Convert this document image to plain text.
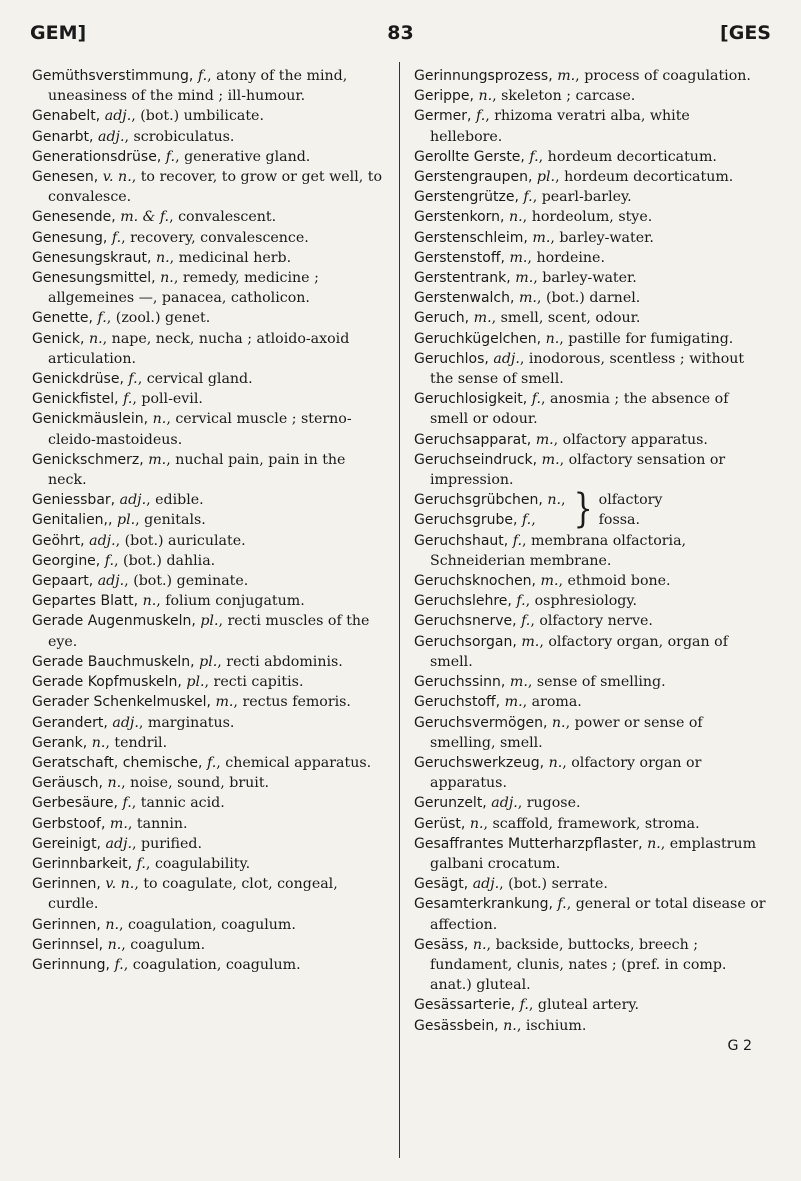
GEM]	83	[GES

Gemüthsverstimmung, f., atony of the mind, uneasiness of the mind ; ill-humour.

Genabelt, adj., (bot.) umbilicate.

Genarbt, adj., scrobiculatus.

Generationsdrüse, f., generative gland.

Genesen, v. n., to recover, to grow or get well, to convalesce.

Genesende, m. & f., convalescent.

Genesung, f., recovery, convalescence.

Genesungskraut, n., medicinal herb.

Genesungsmittel, n., remedy, medicine ; allgemeines —, panacea, catholicon.

Genette, f., (zool.) genet.

Genick, n., nape, neck, nucha ; atloido-axoid articulation.

Genickdrüse, f., cervical gland.

Genickfistel, f., poll-evil.

Genickmäuslein, n., cervical muscle ; sterno-cleido-mastoideus.

Genickschmerz, m., nuchal pain, pain in the neck.

Geniessbar, adj., edible.

Genitalien,, pl., genitals.

Geöhrt, adj., (bot.) auriculate.

Georgine, f., (bot.) dahlia.

Gepaart, adj., (bot.) geminate.

Gepartes Blatt, n., folium conjugatum.

Gerade Augenmuskeln, pl., recti muscles of the eye.

Gerade Bauchmuskeln, pl., recti abdominis.

Gerade Kopfmuskeln, pl., recti capitis.

Gerader Schenkelmuskel, m., rectus femoris.

Gerandert, adj., marginatus.

Gerank, n., tendril.

Geratschaft, chemische, f., chemical apparatus.

Geräusch, n., noise, sound, bruit.

Gerbesäure, f., tannic acid.

Gerbstoof, m., tannin.

Gereinigt, adj., purified.

Gerinnbarkeit, f., coagulability.

Gerinnen, v. n., to coagulate, clot, congeal, curdle.

Gerinnen, n., coagulation, coagulum.

Gerinnsel, n., coagulum.

Gerinnung, f., coagulation, coagulum.

Gerinnungsprozess, m., process of coagulation.

Gerippe, n., skeleton ; carcase.

Germer, f., rhizoma veratri alba, white hellebore.

Gerollte Gerste, f., hordeum decorticatum.

Gerstengraupen, pl., hordeum decorticatum.

Gerstengrütze, f., pearl-barley.

Gerstenkorn, n., hordeolum, stye.

Gerstenschleim, m., barley-water.

Gerstenstoff, m., hordeine.

Gerstentrank, m., barley-water.

Gerstenwalch, m., (bot.) darnel.

Geruch, m., smell, scent, odour.

Geruchkügelchen, n., pastille for fumigating.

Geruchlos, adj., inodorous, scentless ; without the sense of smell.

Geruchlosigkeit, f., anosmia ; the absence of smell or odour.

Geruchsapparat, m., olfactory apparatus.

Geruchseindruck, m., olfactory sensation or impression.

Geruchsgrübchen, n.,

Geruchsgrube, f.,	} olfactory
fossa.

Geruchshaut, f., membrana olfactoria, Schneiderian membrane.

Geruchsknochen, m., ethmoid bone.

Geruchslehre, f., osphresiology.

Geruchsnerve, f., olfactory nerve.

Geruchsorgan, m., olfactory organ, organ of smell.

Geruchssinn, m., sense of smelling.

Geruchstoff, m., aroma.

Geruchsvermögen, n., power or sense of smelling, smell.

Geruchswerkzeug, n., olfactory organ or apparatus.

Gerunzelt, adj., rugose.

Gerüst, n., scaffold, framework, stroma.

Gesaffrantes Mutterharzpflaster, n., emplastrum galbani crocatum.

Gesägt, adj., (bot.) serrate.

Gesamterkrankung, f., general or total disease or affection.

Gesäss, n., backside, buttocks, breech ; fundament, clunis, nates ; (pref. in comp. anat.) gluteal.

Gesässarterie, f., gluteal artery.

Gesässbein, n., ischium.

G 2
